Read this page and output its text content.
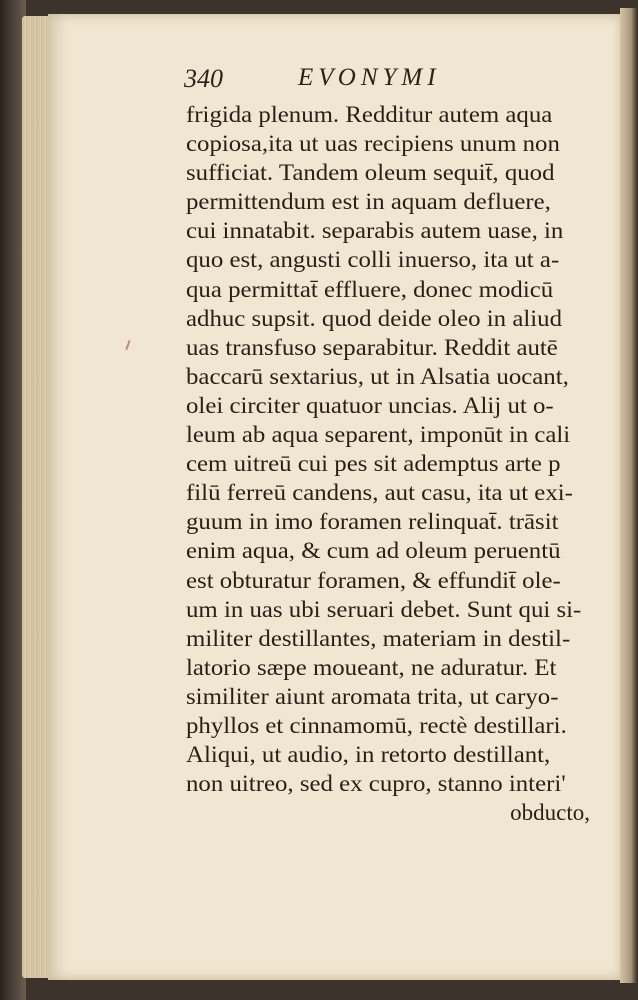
340	EVONYMI
frigida plenum. Redditur autem aqua
copiosa,ita ut uas recipiens unum non
sufficiat. Tandem oleum sequit̄, quod
permittendum est in aquam defluere,
cui innatabit. separabis autem uase, in
quo est, angusti colli inuerso, ita ut a-
qua permittat̄ effluere, donec modicū
adhuc supsit. quod deide oleo in aliud
uas transfuso separabitur. Reddit autē
baccarū sextarius, ut in Alsatia uocant,
olei circiter quatuor uncias. Alij ut o-
leum ab aqua separent, imponūt in cali
cem uitreū cui pes sit ademptus arte p
filū ferreū candens, aut casu, ita ut exi-
guum in imo foramen relinquat̄. trāsit
enim aqua, & cum ad oleum peruentū
est obturatur foramen, & effundit̄ ole-
um in uas ubi seruari debet. Sunt qui si-
militer destillantes, materiam in destil-
latorio sæpe moueant, ne aduratur. Et
similiter aiunt aromata trita, ut caryo-
phyllos et cinnamomū, rectè destillari.
Aliqui, ut audio, in retorto destillant,
non uitreo, sed ex cupro, stanno interi'
obducto,
